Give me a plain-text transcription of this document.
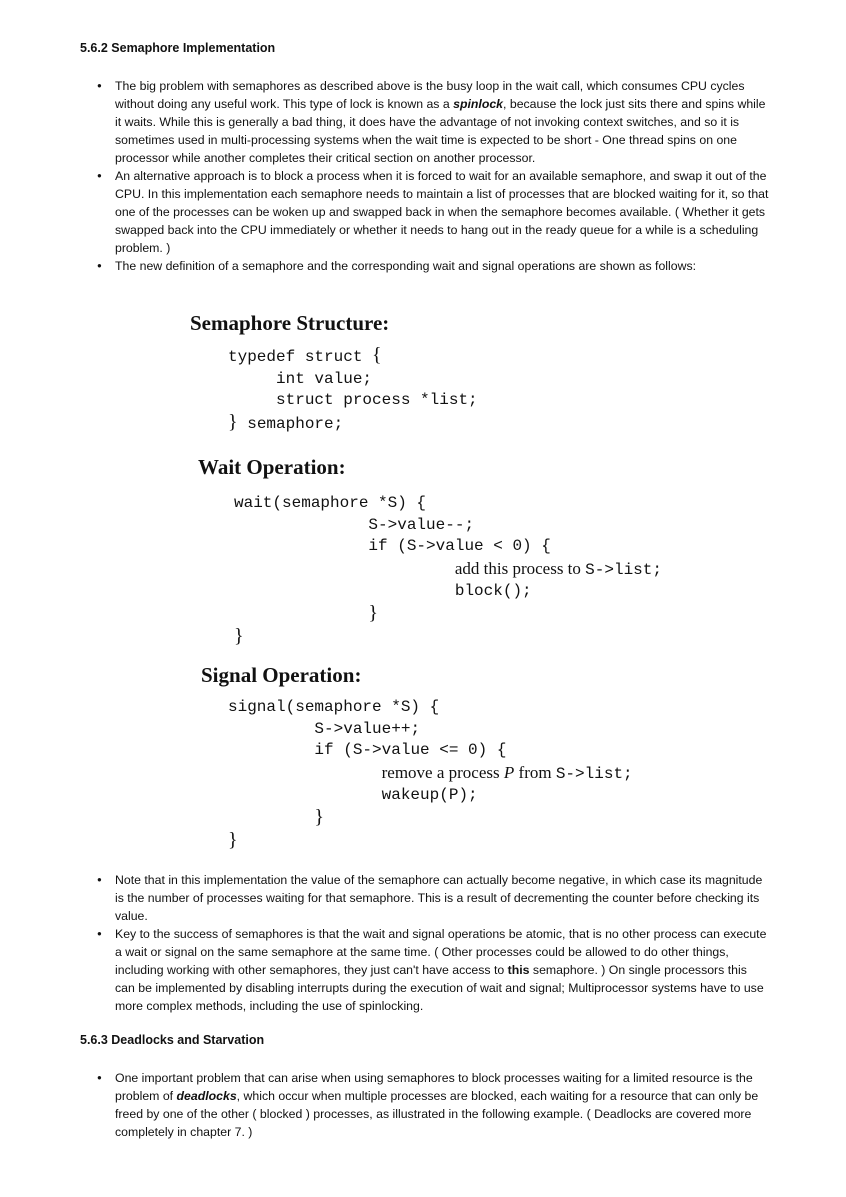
5.6.2 Semaphore Implementation
● The big problem with semaphores as described above is the busy loop in the wait call, which consumes CPU cycles without doing any useful work. This type of lock is known as a spinlock, because the lock just sits there and spins while it waits. While this is generally a bad thing, it does have the advantage of not invoking context switches, and so it is sometimes used in multi-processing systems when the wait time is expected to be short - One thread spins on one processor while another completes their critical section on another processor.
● An alternative approach is to block a process when it is forced to wait for an available semaphore, and swap it out of the CPU. In this implementation each semaphore needs to maintain a list of processes that are blocked waiting for it, so that one of the processes can be woken up and swapped back in when the semaphore becomes available. ( Whether it gets swapped back into the CPU immediately or whether it needs to hang out in the ready queue for a while is a scheduling problem. )
● The new definition of a semaphore and the corresponding wait and signal operations are shown as follows:
Semaphore Structure:
typedef struct {
int value;
struct process *list;
} semaphore;
Wait Operation:
wait(semaphore *S) {
S->value--;
if (S->value < 0) {
add this process to S->list;
block();
}
}
Signal Operation:
signal(semaphore *S) {
S->value++;
if (S->value <= 0) {
remove a process P from S->list;
wakeup(P);
}
}
● Note that in this implementation the value of the semaphore can actually become negative, in which case its magnitude is the number of processes waiting for that semaphore. This is a result of decrementing the counter before checking its value.
● Key to the success of semaphores is that the wait and signal operations be atomic, that is no other process can execute a wait or signal on the same semaphore at the same time. ( Other processes could be allowed to do other things, including working with other semaphores, they just can't have access to this semaphore. ) On single processors this can be implemented by disabling interrupts during the execution of wait and signal; Multiprocessor systems have to use more complex methods, including the use of spinlocking.
5.6.3 Deadlocks and Starvation
● One important problem that can arise when using semaphores to block processes waiting for a limited resource is the problem of deadlocks, which occur when multiple processes are blocked, each waiting for a resource that can only be freed by one of the other ( blocked ) processes, as illustrated in the following example. ( Deadlocks are covered more completely in chapter 7. )
